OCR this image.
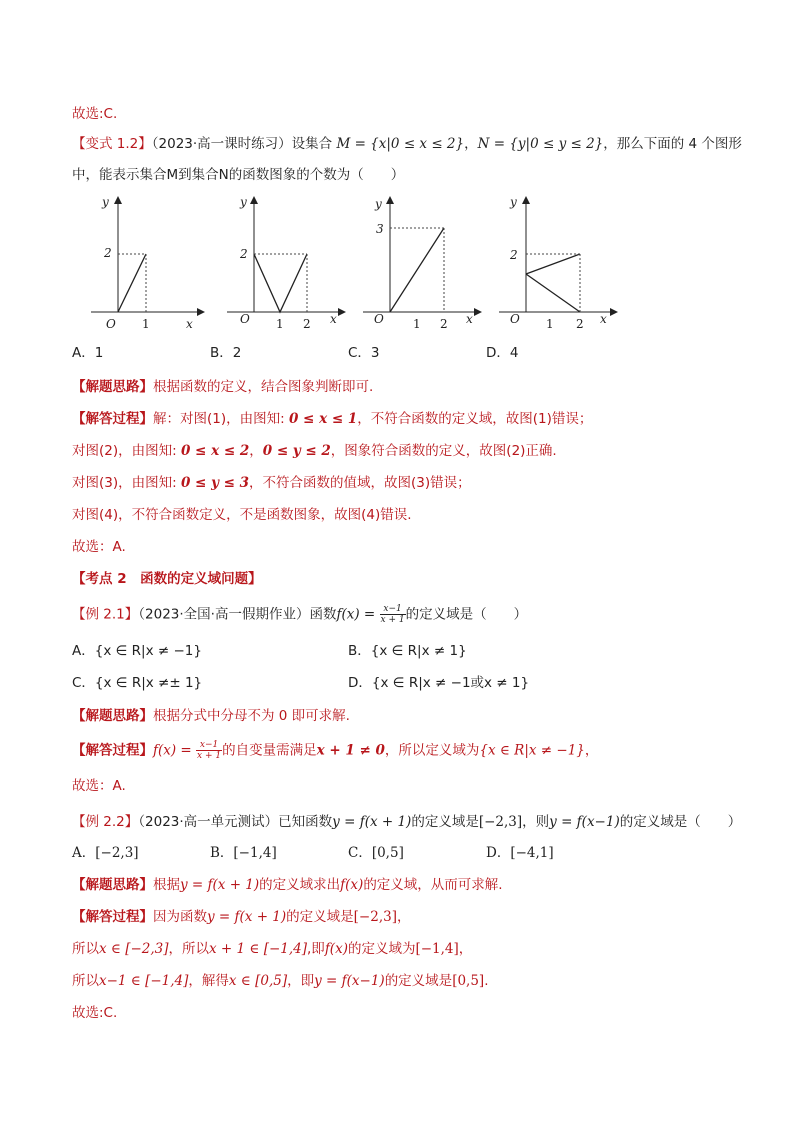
故选:C.
【变式 1.2】（2023·高一课时练习）设集合 M = {x|0 ≤ x ≤ 2}，N = {y|0 ≤ y ≤ 2}，那么下面的 4 个图形
中，能表示集合M到集合N的函数图象的个数为（　　）
y
2
O 1	x
y
2
O 1 2 x
y
3
O 1 2 x
y
2
O 1 2 x
A．1	B．2	C．3	D．4
【解题思路】根据函数的定义，结合图象判断即可.
【解答过程】解：对图(1)，由图知: 0 ≤ x ≤ 1，不符合函数的定义域，故图(1)错误；
对图(2)，由图知: 0 ≤ x ≤ 2，0 ≤ y ≤ 2，图象符合函数的定义，故图(2)正确.
对图(3)，由图知: 0 ≤ y ≤ 3，不符合函数的值域，故图(3)错误；
对图(4)，不符合函数定义，不是函数图象，故图(4)错误.
故选：A.
【考点 2　函数的定义域问题】
【例 2.1】（2023·全国·高一假期作业）函数$f(x) = \frac{x-1}{x + 1}$ 的定义域是（　　）
A．{x ∈ R|x ≠ −1}	B．{x ∈ R|x ≠ 1}
C．{x ∈ R|x ≠± 1}	D．{x ∈ R|x ≠ −1或x ≠ 1}
【解题思路】根据分式中分母不为 0 即可求解.
【解答过程】$f(x) = \frac{x-1}{x + 1}$ 的自变量需满足x + 1 ≠ 0，所以定义域为{x ∈ R|x ≠ −1}，
故选：A.
【例 2.2】（2023·高一单元测试）已知函数y = f(x + 1)的定义域是[−2,3]，则y = f(x−1)的定义域是（　　）
A．[−2,3]	B．[−1,4]	C．[0,5]	D．[−4,1]
【解题思路】根据y = f(x + 1)的定义域求出f(x)的定义域，从而可求解.
【解答过程】因为函数y = f(x + 1)的定义域是[−2,3]，
所以x ∈ [−2,3]，所以x + 1 ∈ [−1,4],即f(x)的定义域为[−1,4]，
所以x−1 ∈ [−1,4]，解得x ∈ [0,5]，即y = f(x−1)的定义域是[0,5].
故选:C.
